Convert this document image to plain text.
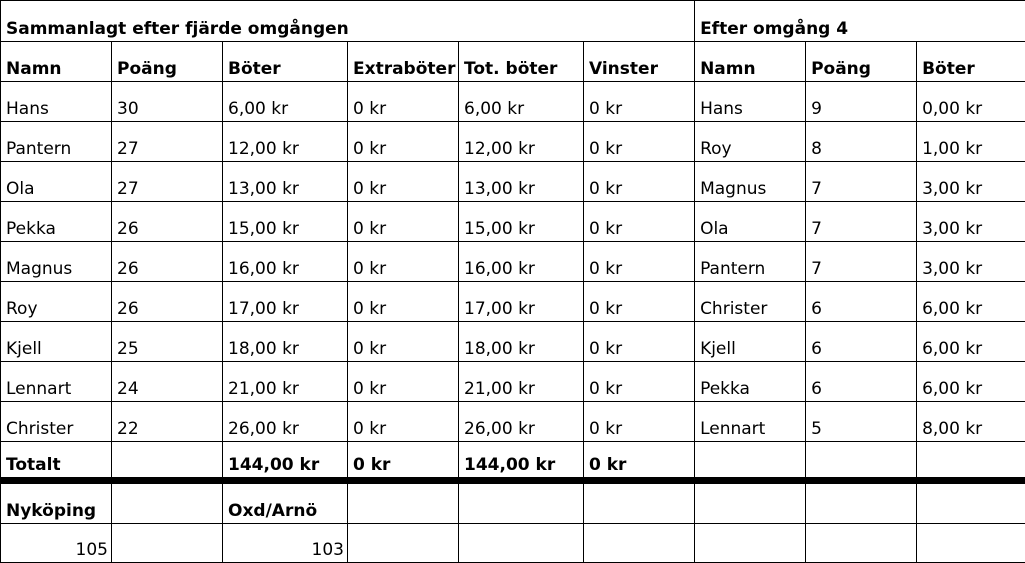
Sammanlagt efter fjärde omgången						Efter omgång 4		
Namn	Poäng	Böter	Extraböter	Tot. böter	Vinster	Namn	Poäng	Böter
Hans	30	6,00 kr	0 kr	6,00 kr	0 kr	Hans	9	0,00 kr
Pantern	27	12,00 kr	0 kr	12,00 kr	0 kr	Roy	8	1,00 kr
Ola	27	13,00 kr	0 kr	13,00 kr	0 kr	Magnus	7	3,00 kr
Pekka	26	15,00 kr	0 kr	15,00 kr	0 kr	Ola	7	3,00 kr
Magnus	26	16,00 kr	0 kr	16,00 kr	0 kr	Pantern	7	3,00 kr
Roy	26	17,00 kr	0 kr	17,00 kr	0 kr	Christer	6	6,00 kr
Kjell	25	18,00 kr	0 kr	18,00 kr	0 kr	Kjell	6	6,00 kr
Lennart	24	21,00 kr	0 kr	21,00 kr	0 kr	Pekka	6	6,00 kr
Christer	22	26,00 kr	0 kr	26,00 kr	0 kr	Lennart	5	8,00 kr
Totalt		144,00 kr	0 kr	144,00 kr	0 kr			
Nyköping		Oxd/Arnö						
105		103						
